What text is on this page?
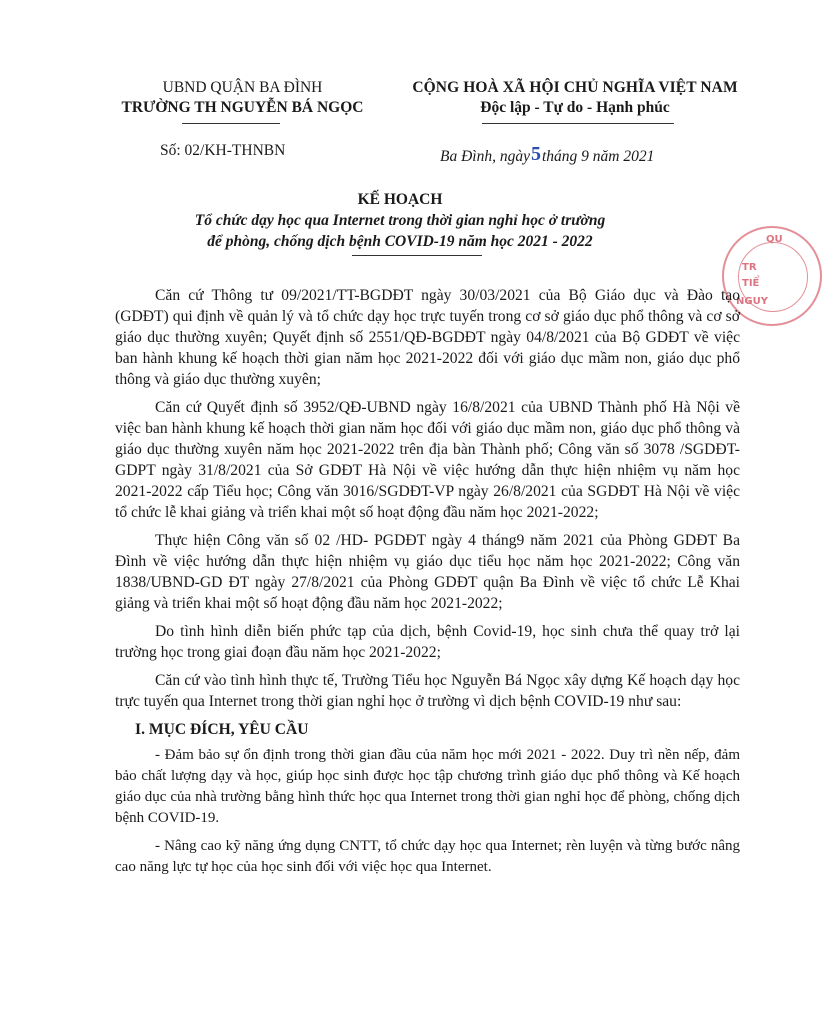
UBND QUẬN BA ĐÌNH
TRƯỜNG TH NGUYỄN BÁ NGỌC
CỘNG HOÀ XÃ HỘI CHỦ NGHĨA VIỆT NAM
Độc lập - Tự do - Hạnh phúc
Số: 02/KH-THNBN	Ba Đình, ngày5tháng 9 năm 2021
KẾ HOẠCH
Tổ chức dạy học qua Internet trong thời gian nghỉ học ở trường
để phòng, chống dịch bệnh COVID-19 năm học 2021 - 2022	QU
TR
TIỂ
NGUY

Căn cứ Thông tư 09/2021/TT-BGDĐT ngày 30/03/2021 của Bộ Giáo dục và Đào tạo (GDĐT) qui định về quản lý và tổ chức dạy học trực tuyến trong cơ sở giáo dục phổ thông và cơ sở giáo dục thường xuyên; Quyết định số 2551/QĐ-BGDĐT ngày 04/8/2021 của Bộ GDĐT về việc ban hành khung kế hoạch thời gian năm học 2021-2022 đối với giáo dục mầm non, giáo dục phổ thông và giáo dục thường xuyên;

Căn cứ Quyết định số 3952/QĐ-UBND ngày 16/8/2021 của UBND Thành phố Hà Nội về việc ban hành khung kế hoạch thời gian năm học đối với giáo dục mầm non, giáo dục phổ thông và giáo dục thường xuyên năm học 2021-2022 trên địa bàn Thành phố; Công văn số 3078 /SGDĐT-GDPT ngày 31/8/2021 của Sở GDĐT Hà Nội về việc hướng dẫn thực hiện nhiệm vụ năm học 2021-2022 cấp Tiểu học; Công văn 3016/SGDĐT-VP ngày 26/8/2021 của SGDĐT Hà Nội về việc tổ chức lễ khai giảng và triển khai một số hoạt động đầu năm học 2021-2022;

Thực hiện Công văn số 02 /HD- PGDĐT ngày 4 tháng9 năm 2021 của Phòng GDĐT Ba Đình về việc hướng dẫn thực hiện nhiệm vụ giáo dục tiểu học năm học 2021-2022; Công văn 1838/UBND-GD ĐT ngày 27/8/2021 của Phòng GDĐT quận Ba Đình về việc tổ chức Lễ Khai giảng và triển khai một số hoạt động đầu năm học 2021-2022;

Do tình hình diễn biến phức tạp của dịch, bệnh Covid-19, học sinh chưa thể quay trở lại trường học trong giai đoạn đầu năm học 2021-2022;

Căn cứ vào tình hình thực tế, Trường Tiểu học Nguyễn Bá Ngọc xây dựng Kế hoạch dạy học trực tuyến qua Internet trong thời gian nghỉ học ở trường vì dịch bệnh COVID-19 như sau:

I. MỤC ĐÍCH, YÊU CẦU

- Đảm bảo sự ổn định trong thời gian đầu của năm học mới 2021 - 2022. Duy trì nền nếp, đảm bảo chất lượng dạy và học, giúp học sinh được học tập chương trình giáo dục phổ thông và Kế hoạch giáo dục của nhà trường bằng hình thức học qua Internet trong thời gian nghỉ học để phòng, chống dịch bệnh COVID-19.

- Nâng cao kỹ năng ứng dụng CNTT, tổ chức dạy học qua Internet; rèn luyện và từng bước nâng cao năng lực tự học của học sinh đối với việc học qua Internet.
